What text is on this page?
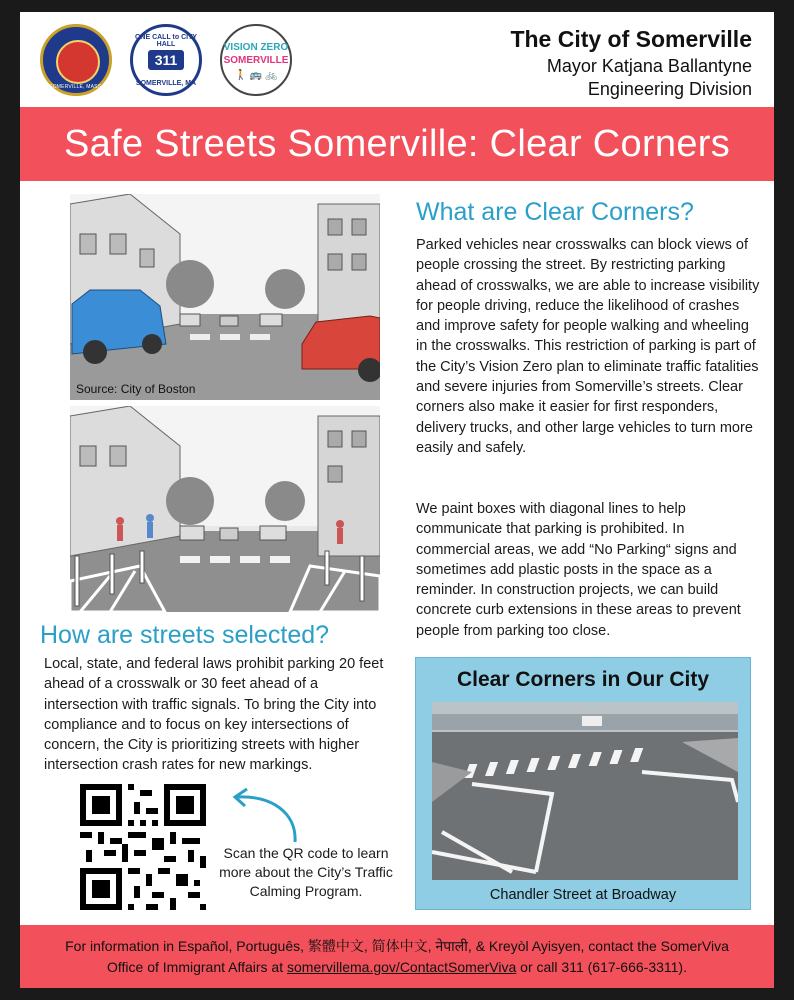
SOMERVILLE, MASS.
ONE CALL to CITY HALL
311
SOMERVILLE, MA
VISION ZERO
SOMERVILLE
🚶 🚌 🚲
The City of Somerville
Mayor Katjana Ballantyne
Engineering Division
Safe Streets Somerville: Clear Corners
Source: City of Boston
What are Clear Corners?
Parked vehicles near crosswalks can block views of people crossing the street. By restricting parking ahead of crosswalks, we are able to increase visibility for people driving, reduce the likelihood of crashes and improve safety for people walking and wheeling in the crosswalks. This restriction of parking is part of the City’s Vision Zero plan to eliminate traffic fatalities and severe injuries from Somerville’s streets. Clear corners also make it easier for first responders, delivery trucks, and other large vehicles to turn more easily and safely.
We paint boxes with diagonal lines to help communicate that parking is prohibited. In commercial areas, we add “No Parking“ signs and sometimes add plastic posts in the space as a reminder. In construction projects, we can build concrete curb extensions in these areas to prevent people from parking too close.
How are streets selected?
Local, state, and federal laws prohibit parking 20 feet ahead of a crosswalk or 30 feet ahead of a intersection with traffic signals. To bring the City into compliance and to focus on key intersections of concern, the City is prioritizing streets with higher intersection crash rates for new markings.
Scan the QR code to learn more about the City’s Traffic Calming Program.
Clear Corners in Our City
Chandler Street at Broadway
For information in Español, Português, 繁體中文, 简体中文, नेपाली, & Kreyòl Ayisyen, contact the SomerViva
Office of Immigrant Affairs at somervillema.gov/ContactSomerViva or call 311 (617-666-3311).
